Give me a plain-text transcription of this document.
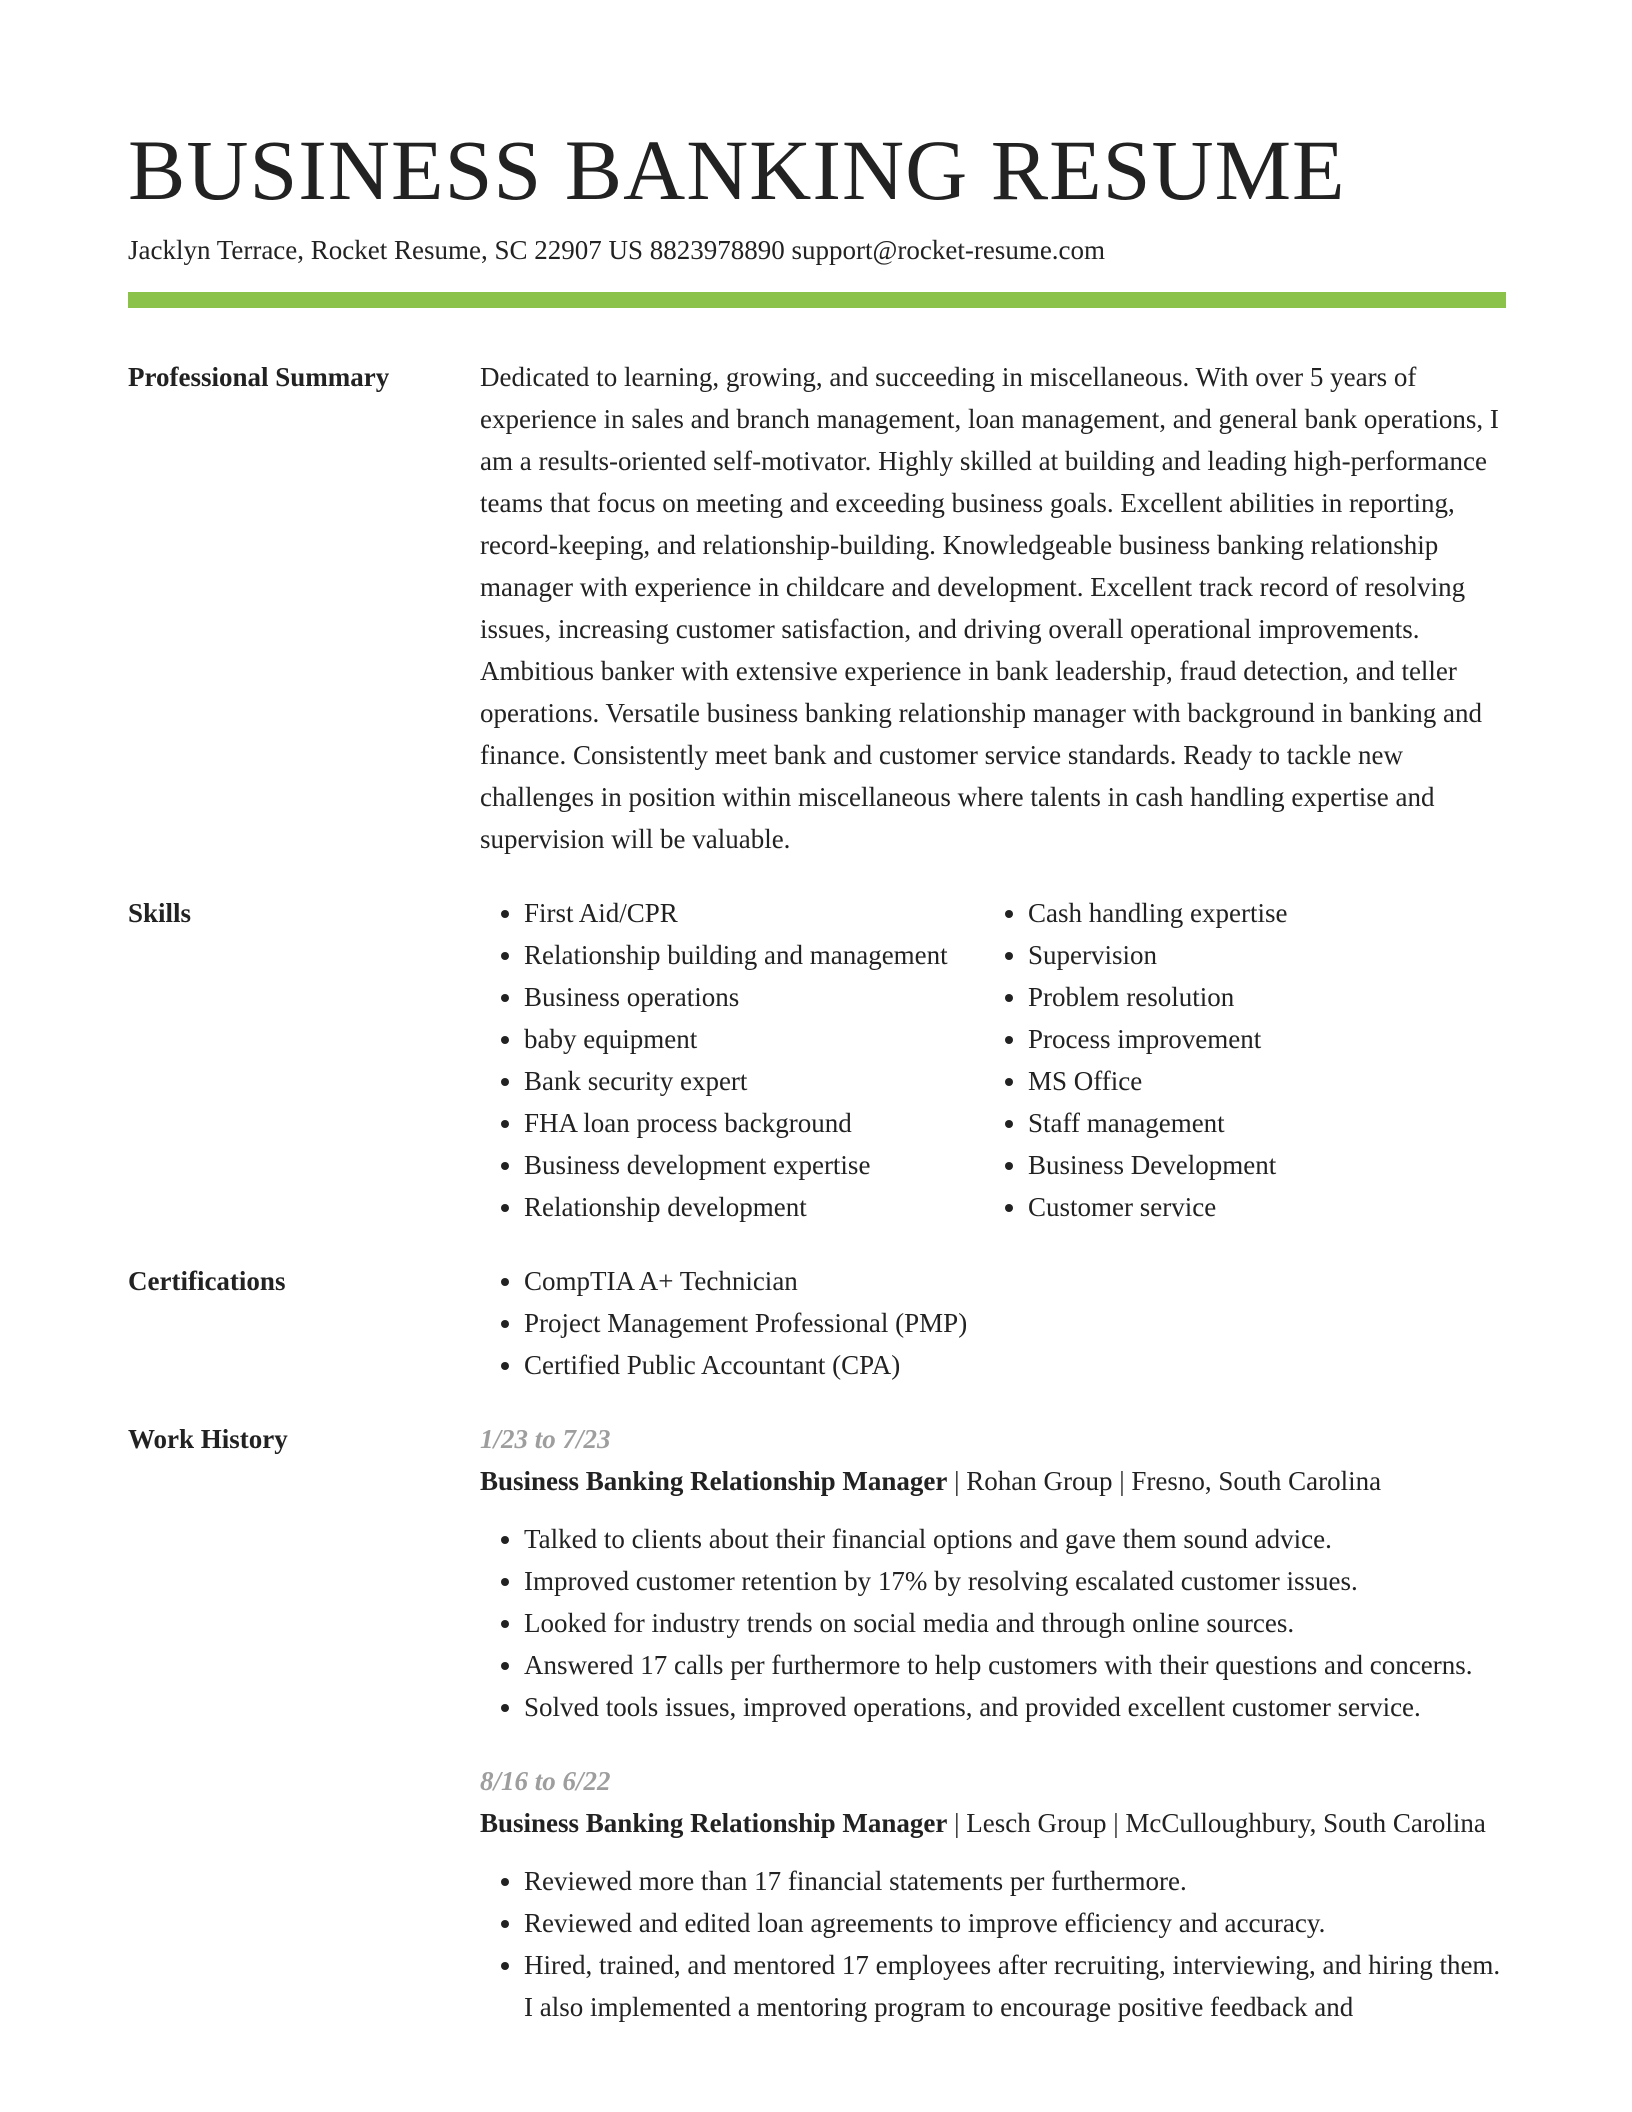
BUSINESS BANKING RESUME
Jacklyn Terrace, Rocket Resume, SC 22907 US 8823978890 support@rocket-resume.com
Professional Summary	Dedicated to learning, growing, and succeeding in miscellaneous. With over 5 years of experience in sales and branch management, loan management, and general bank operations, I am a results-oriented self-motivator. Highly skilled at building and leading high-performance teams that focus on meeting and exceeding business goals. Excellent abilities in reporting, record-keeping, and relationship-building. Knowledgeable business banking relationship manager with experience in childcare and development. Excellent track record of resolving issues, increasing customer satisfaction, and driving overall operational improvements. Ambitious banker with extensive experience in bank leadership, fraud detection, and teller operations. Versatile business banking relationship manager with background in banking and finance. Consistently meet bank and customer service standards. Ready to tackle new challenges in position within miscellaneous where talents in cash handling expertise and supervision will be valuable.
Skills	• First Aid/CPR
• Relationship building and management
• Business operations
• baby equipment
• Bank security expert
• FHA loan process background
• Business development expertise
• Relationship development
• Cash handling expertise
• Supervision
• Problem resolution
• Process improvement
• MS Office
• Staff management
• Business Development
• Customer service
Certifications	• CompTIA A+ Technician
• Project Management Professional (PMP)
• Certified Public Accountant (CPA)
Work History	1/23 to 7/23
Business Banking Relationship Manager | Rohan Group | Fresno, South Carolina
• Talked to clients about their financial options and gave them sound advice.
• Improved customer retention by 17% by resolving escalated customer issues.
• Looked for industry trends on social media and through online sources.
• Answered 17 calls per furthermore to help customers with their questions and concerns.
• Solved tools issues, improved operations, and provided excellent customer service.
8/16 to 6/22
Business Banking Relationship Manager | Lesch Group | McCulloughbury, South Carolina
• Reviewed more than 17 financial statements per furthermore.
• Reviewed and edited loan agreements to improve efficiency and accuracy.
• Hired, trained, and mentored 17 employees after recruiting, interviewing, and hiring them. I also implemented a mentoring program to encourage positive feedback and
